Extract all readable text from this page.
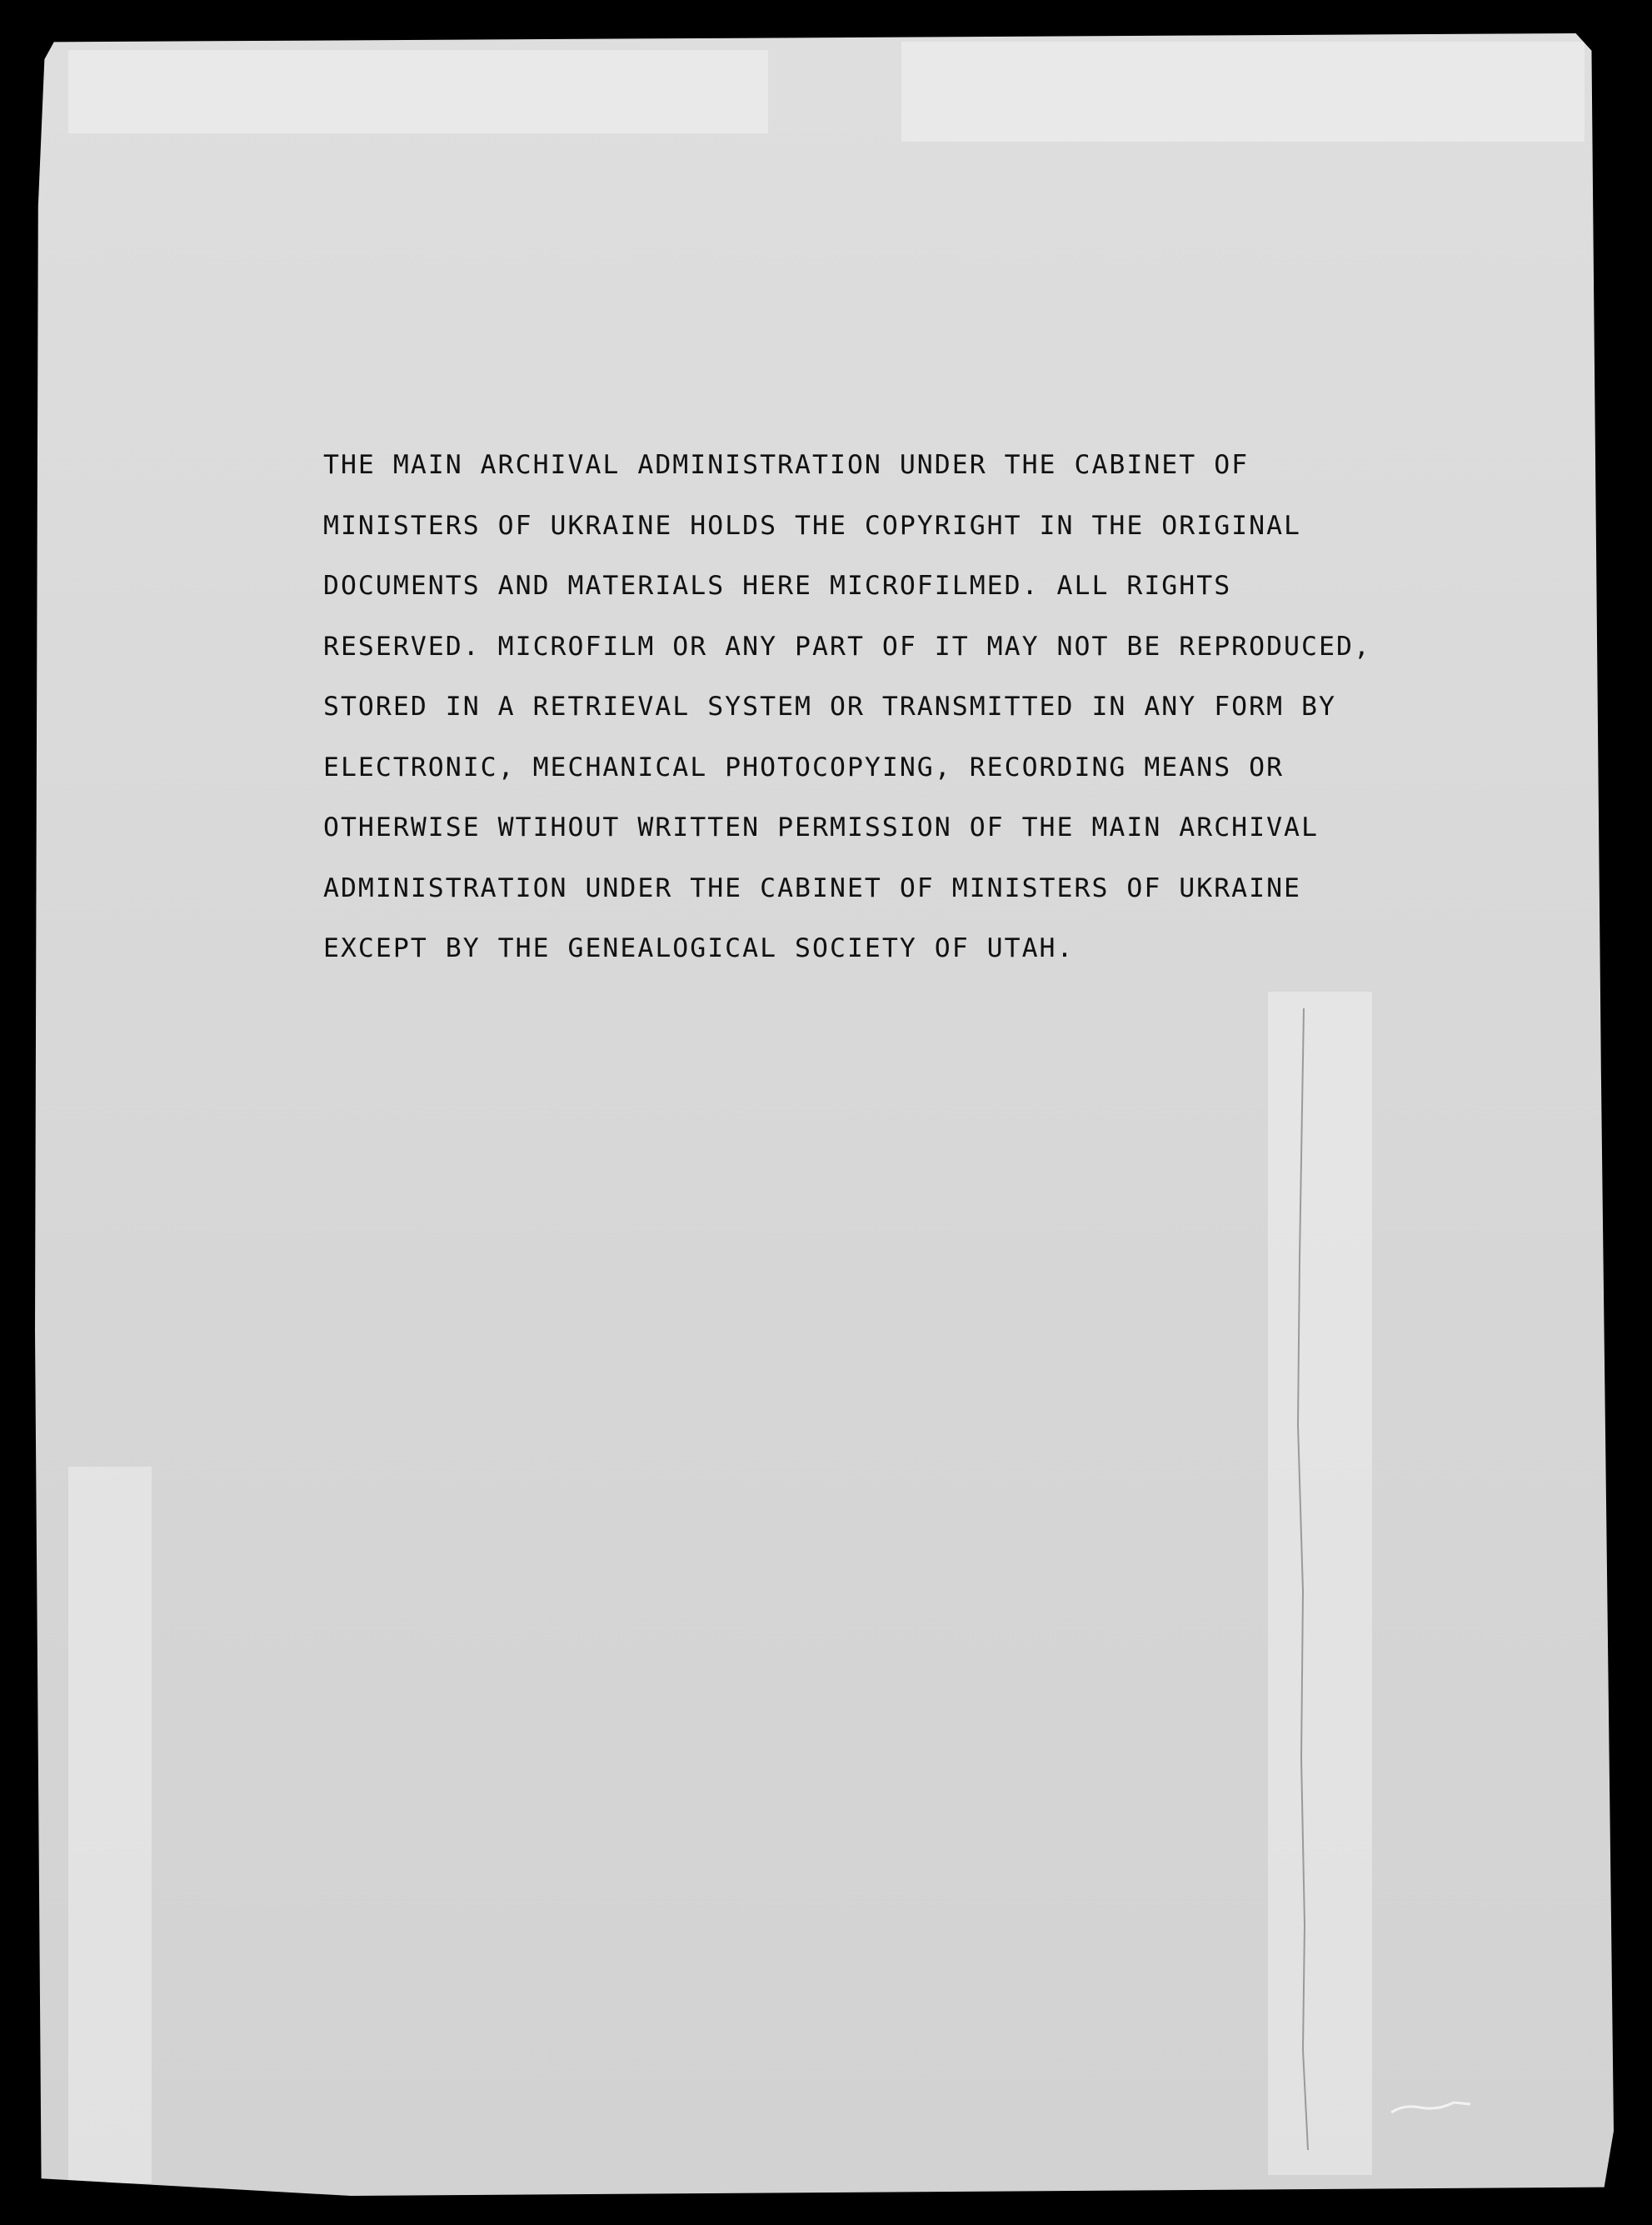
THE MAIN ARCHIVAL ADMINISTRATION UNDER THE CABINET OF
MINISTERS OF UKRAINE HOLDS THE COPYRIGHT IN THE ORIGINAL
DOCUMENTS AND MATERIALS HERE MICROFILMED. ALL RIGHTS
RESERVED. MICROFILM OR ANY PART OF IT MAY NOT BE REPRODUCED,
STORED IN A RETRIEVAL SYSTEM OR TRANSMITTED IN ANY FORM BY
ELECTRONIC, MECHANICAL PHOTOCOPYING, RECORDING MEANS OR
OTHERWISE WTIHOUT WRITTEN PERMISSION OF THE MAIN ARCHIVAL
ADMINISTRATION UNDER THE CABINET OF MINISTERS OF UKRAINE
EXCEPT BY THE GENEALOGICAL SOCIETY OF UTAH.
